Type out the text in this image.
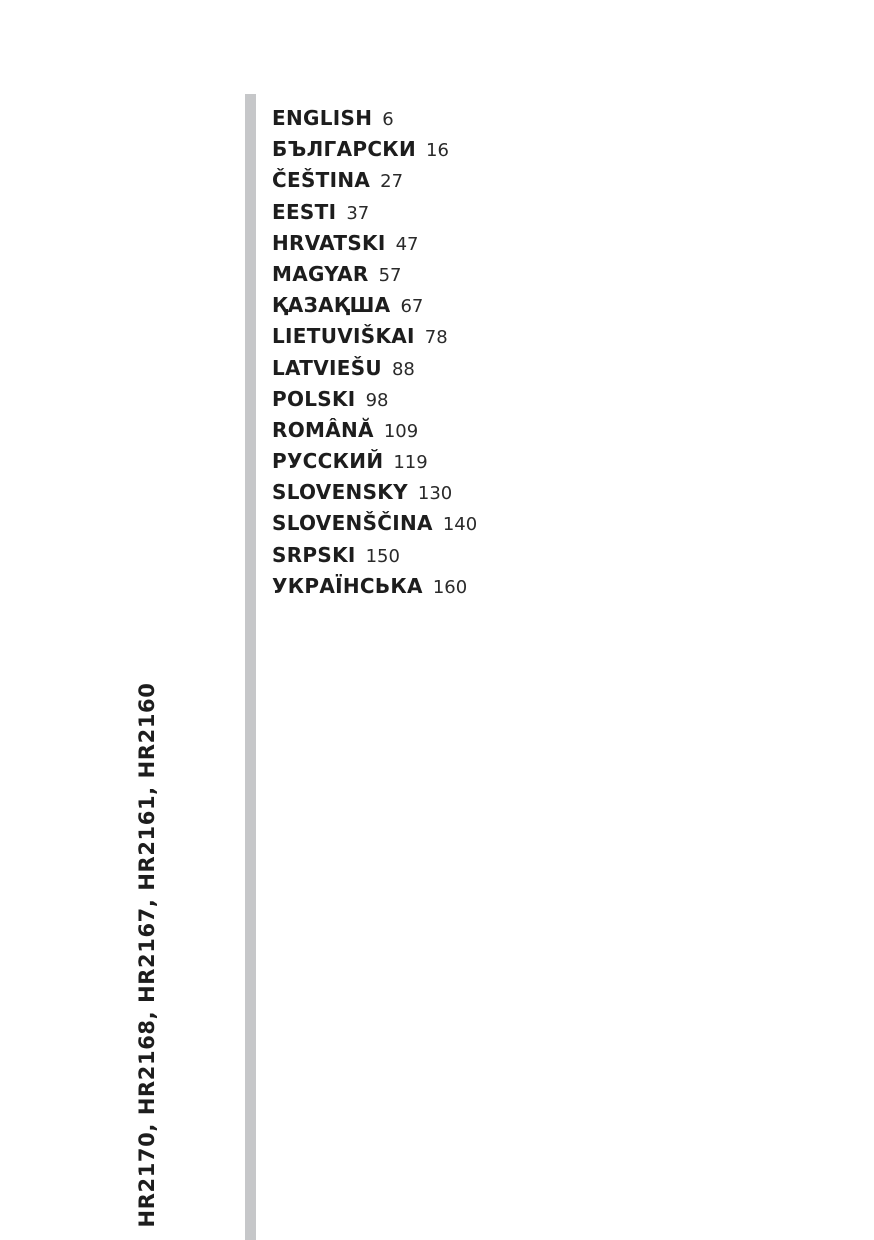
HR2170, HR2168, HR2167, HR2161, HR2160
ENGLISH 6
БЪЛГАРСКИ 16
ČEŠTINA 27
EESTI 37
HRVATSKI 47
MAGYAR 57
ҚАЗАҚША 67
LIETUVIŠKAI 78
LATVIEŠU 88
POLSKI 98
ROMÂNĂ 109
РУССКИЙ 119
SLOVENSKY 130
SLOVENŠČINA 140
SRPSKI 150
УКРАЇНСЬКА 160
